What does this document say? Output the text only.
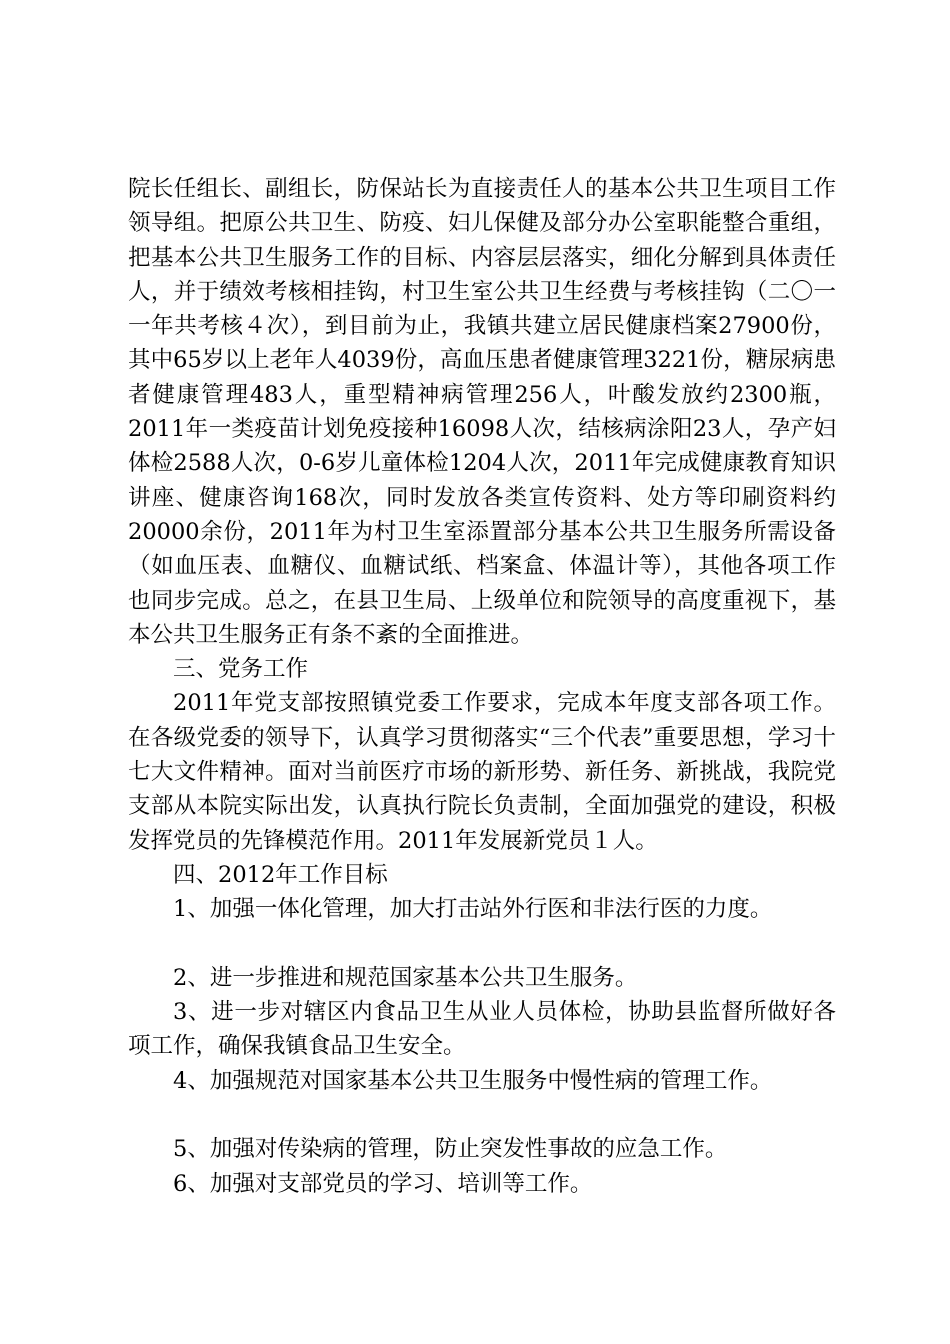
院长任组长、副组长，防保站长为直接责任人的基本公共卫生项目工作领导组。把原公共卫生、防疫、妇儿保健及部分办公室职能整合重组，把基本公共卫生服务工作的目标、内容层层落实，细化分解到具体责任人，并于绩效考核相挂钩，村卫生室公共卫生经费与考核挂钩（二〇一一年共考核４次），到目前为止，我镇共建立居民健康档案27900份，其中65岁以上老年人4039份，高血压患者健康管理3221份，糖尿病患者健康管理483人，重型精神病管理256人，叶酸发放约2300瓶，2011年一类疫苗计划免疫接种16098人次，结核病涂阳23人，孕产妇体检2588人次，0-6岁儿童体检1204人次，2011年完成健康教育知识讲座、健康咨询168次，同时发放各类宣传资料、处方等印刷资料约20000余份，2011年为村卫生室添置部分基本公共卫生服务所需设备（如血压表、血糖仪、血糖试纸、档案盒、体温计等），其他各项工作也同步完成。总之，在县卫生局、上级单位和院领导的高度重视下，基本公共卫生服务正有条不紊的全面推进。

三、党务工作

2011年党支部按照镇党委工作要求，完成本年度支部各项工作。在各级党委的领导下，认真学习贯彻落实“三个代表”重要思想，学习十七大文件精神。面对当前医疗市场的新形势、新任务、新挑战，我院党支部从本院实际出发，认真执行院长负责制，全面加强党的建设，积极发挥党员的先锋模范作用。2011年发展新党员１人。

四、2012年工作目标

1、加强一体化管理，加大打击站外行医和非法行医的力度。

2、进一步推进和规范国家基本公共卫生服务。

3、进一步对辖区内食品卫生从业人员体检，协助县监督所做好各项工作，确保我镇食品卫生安全。

4、加强规范对国家基本公共卫生服务中慢性病的管理工作。

5、加强对传染病的管理，防止突发性事故的应急工作。

6、加强对支部党员的学习、培训等工作。
